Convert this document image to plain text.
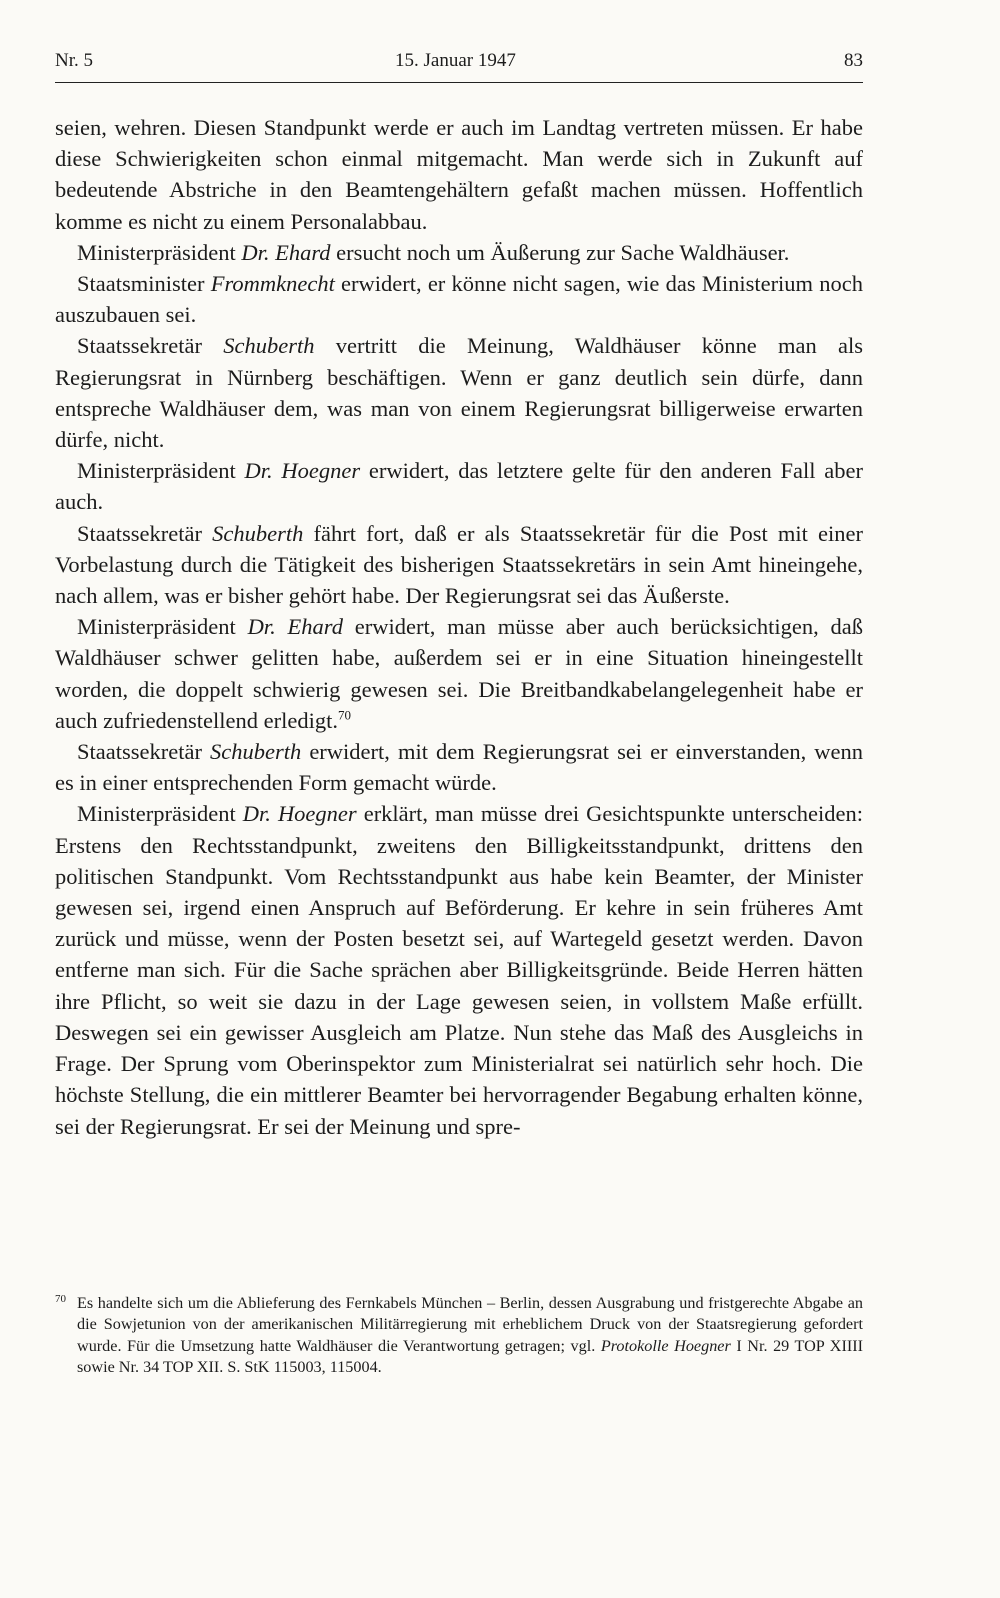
Nr. 5	15. Januar 1947	83

seien, wehren. Diesen Standpunkt werde er auch im Landtag vertreten müssen. Er habe diese Schwierigkeiten schon einmal mitgemacht. Man werde sich in Zukunft auf bedeutende Abstriche in den Beamtengehältern gefaßt machen müssen. Hoffentlich komme es nicht zu einem Personalabbau.

Ministerpräsident Dr. Ehard ersucht noch um Äußerung zur Sache Waldhäuser.

Staatsminister Frommknecht erwidert, er könne nicht sagen, wie das Ministerium noch auszubauen sei.

Staatssekretär Schuberth vertritt die Meinung, Waldhäuser könne man als Regierungsrat in Nürnberg beschäftigen. Wenn er ganz deutlich sein dürfe, dann entspreche Waldhäuser dem, was man von einem Regierungsrat billigerweise erwarten dürfe, nicht.

Ministerpräsident Dr. Hoegner erwidert, das letztere gelte für den anderen Fall aber auch.

Staatssekretär Schuberth fährt fort, daß er als Staatssekretär für die Post mit einer Vorbelastung durch die Tätigkeit des bisherigen Staatssekretärs in sein Amt hineingehe, nach allem, was er bisher gehört habe. Der Regierungsrat sei das Äußerste.

Ministerpräsident Dr. Ehard erwidert, man müsse aber auch berücksichtigen, daß Waldhäuser schwer gelitten habe, außerdem sei er in eine Situation hineingestellt worden, die doppelt schwierig gewesen sei. Die Breitbandkabelangelegenheit habe er auch zufriedenstellend erledigt.$^{70}$

Staatssekretär Schuberth erwidert, mit dem Regierungsrat sei er einverstanden, wenn es in einer entsprechenden Form gemacht würde.

Ministerpräsident Dr. Hoegner erklärt, man müsse drei Gesichtspunkte unterscheiden: Erstens den Rechtsstandpunkt, zweitens den Billigkeitsstandpunkt, drittens den politischen Standpunkt. Vom Rechtsstandpunkt aus habe kein Beamter, der Minister gewesen sei, irgend einen Anspruch auf Beförderung. Er kehre in sein früheres Amt zurück und müsse, wenn der Posten besetzt sei, auf Wartegeld gesetzt werden. Davon entferne man sich. Für die Sache sprächen aber Billigkeitsgründe. Beide Herren hätten ihre Pflicht, so weit sie dazu in der Lage gewesen seien, in vollstem Maße erfüllt. Deswegen sei ein gewisser Ausgleich am Platze. Nun stehe das Maß des Ausgleichs in Frage. Der Sprung vom Oberinspektor zum Ministerialrat sei natürlich sehr hoch. Die höchste Stellung, die ein mittlerer Beamter bei hervorragender Begabung erhalten könne, sei der Regierungsrat. Er sei der Meinung und spre-

70 Es handelte sich um die Ablieferung des Fernkabels München – Berlin, dessen Ausgrabung und fristgerechte Abgabe an die Sowjetunion von der amerikanischen Militärregierung mit erheblichem Druck von der Staatsregierung gefordert wurde. Für die Umsetzung hatte Waldhäuser die Verantwortung getragen; vgl. Protokolle Hoegner I Nr. 29 TOP XIIII sowie Nr. 34 TOP XII. S. StK 115003, 115004.
